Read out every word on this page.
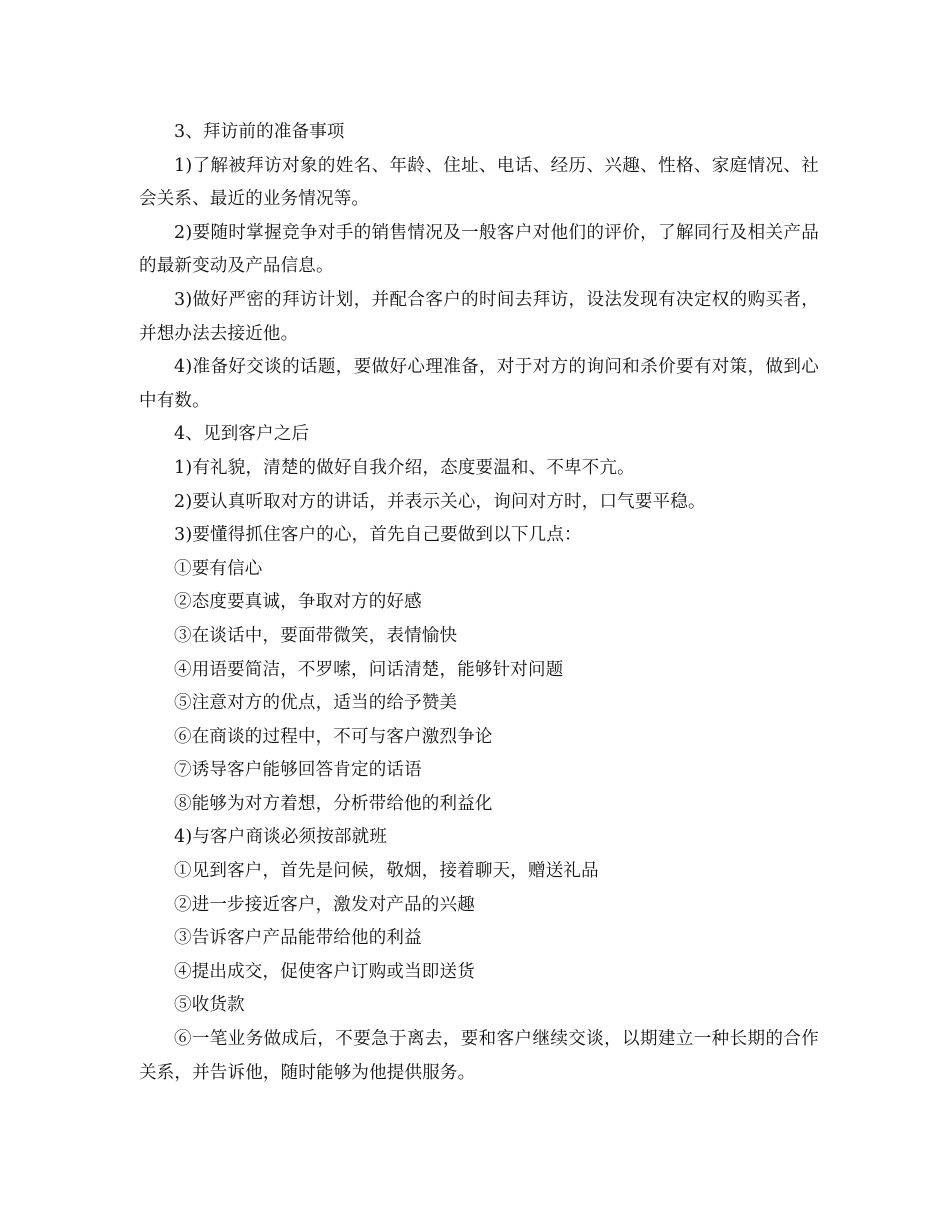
3、拜访前的准备事项

1)了解被拜访对象的姓名、年龄、住址、电话、经历、兴趣、性格、家庭情况、社会关系、最近的业务情况等。

2)要随时掌握竞争对手的销售情况及一般客户对他们的评价，了解同行及相关产品的最新变动及产品信息。

3)做好严密的拜访计划，并配合客户的时间去拜访，设法发现有决定权的购买者，并想办法去接近他。

4)准备好交谈的话题，要做好心理准备，对于对方的询问和杀价要有对策，做到心中有数。

4、见到客户之后

1)有礼貌，清楚的做好自我介绍，态度要温和、不卑不亢。

2)要认真听取对方的讲话，并表示关心，询问对方时，口气要平稳。

3)要懂得抓住客户的心，首先自己要做到以下几点：

①要有信心

②态度要真诚，争取对方的好感

③在谈话中，要面带微笑，表情愉快

④用语要简洁，不罗嗦，问话清楚，能够针对问题

⑤注意对方的优点，适当的给予赞美

⑥在商谈的过程中，不可与客户激烈争论

⑦诱导客户能够回答肯定的话语

⑧能够为对方着想，分析带给他的利益化

4)与客户商谈必须按部就班

①见到客户，首先是问候，敬烟，接着聊天，赠送礼品

②进一步接近客户，激发对产品的兴趣

③告诉客户产品能带给他的利益

④提出成交，促使客户订购或当即送货

⑤收货款

⑥一笔业务做成后，不要急于离去，要和客户继续交谈，以期建立一种长期的合作关系，并告诉他，随时能够为他提供服务。
